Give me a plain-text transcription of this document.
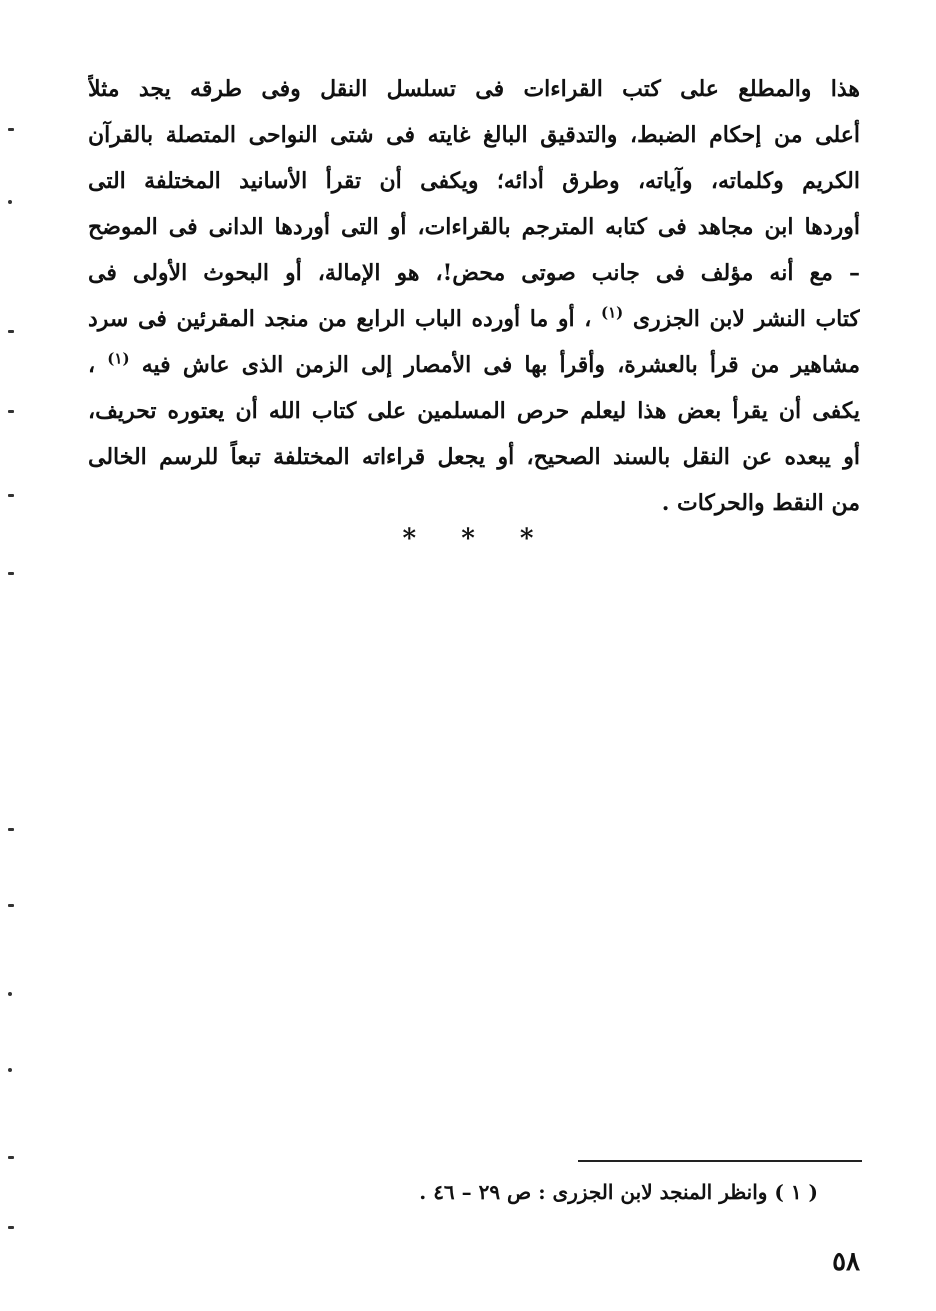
هذا والمطلع على كتب القراءات فى تسلسل النقل وفى طرقه يجد مثلاً
أعلى من إحكام الضبط، والتدقيق البالغ غايته فى شتى النواحى المتصلة بالقرآن
الكريم وكلماته، وآياته، وطرق أدائه؛ ويكفى أن تقرأ الأسانيد المختلفة التى
أوردها ابن مجاهد فى كتابه المترجم بالقراءات، أو التى أوردها الدانى فى الموضح
– مع أنه مؤلف فى جانب صوتى محض!، هو الإمالة، أو البحوث الأولى فى
كتاب النشر لابن الجزرى $^{(١)}$ ، أو ما أورده الباب الرابع من منجد المقرئين فى سرد
مشاهير من قرأ بالعشرة، وأقرأ بها فى الأمصار إلى الزمن الذى عاش فيه $^{(١)}$ ،
يكفى أن يقرأ بعض هذا ليعلم حرص المسلمين على كتاب الله أن يعتوره تحريف،
أو يبعده عن النقل بالسند الصحيح، أو يجعل قراءاته المختلفة تبعاً للرسم الخالى
من النقط والحركات .
* * *
( ١ ) وانظر المنجد لابن الجزرى : ص ٢٩ – ٤٦ .
٥٨
